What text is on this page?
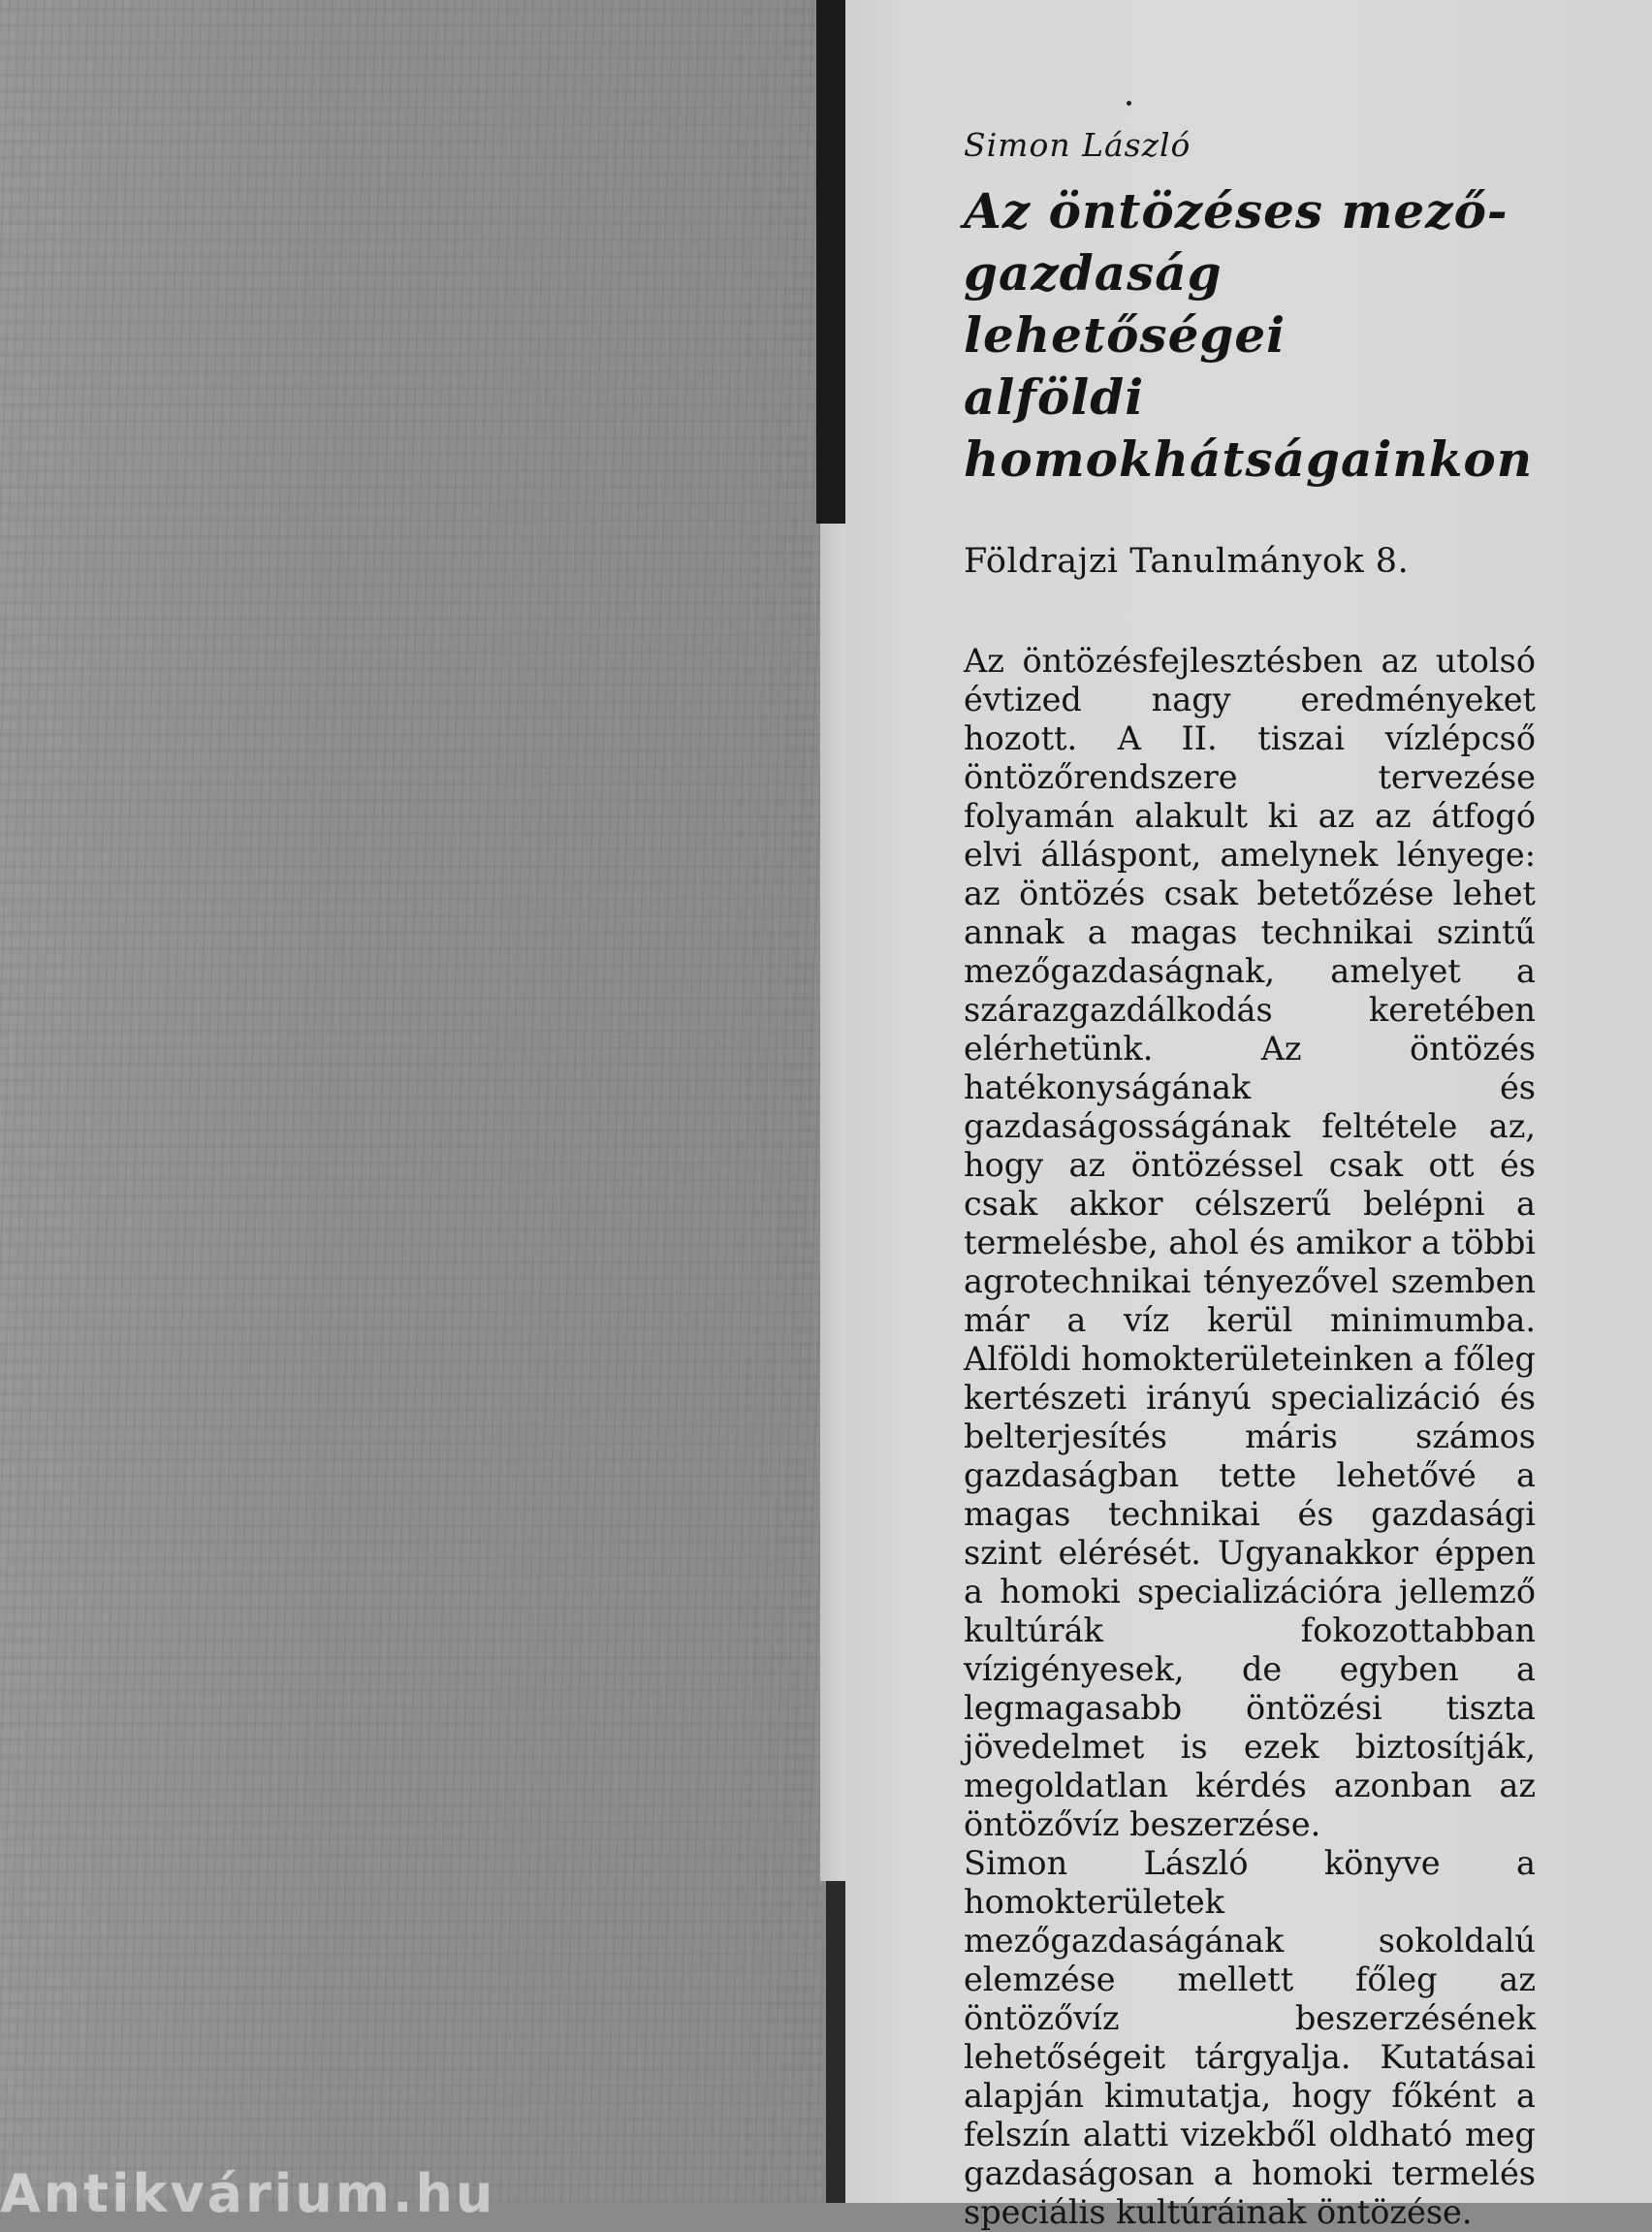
Simon László

Az öntözéses mező-
gazdaság lehetőségei
alföldi
homokhátságainkon

Földrajzi Tanulmányok 8.

Az öntözésfejlesztésben az utolsó évtized nagy eredményeket hozott. A II. tiszai vízlépcső öntözőrendszere tervezése folyamán alakult ki az az átfogó elvi álláspont, amelynek lényege: az öntözés csak betetőzése lehet annak a magas technikai szintű mezőgazdaságnak, amelyet a szárazgazdálkodás keretében elérhetünk. Az öntözés hatékonyságának és gazdaságosságának feltétele az, hogy az öntözéssel csak ott és csak akkor célszerű belépni a termelésbe, ahol és amikor a többi agrotechnikai tényezővel szemben már a víz kerül minimumba. Alföldi homokterületeinken a főleg kertészeti irányú specializáció és belterjesítés máris számos gazdaságban tette lehetővé a magas technikai és gazdasági szint elérését. Ugyanakkor éppen a homoki specializációra jellemző kultúrák fokozottabban vízigényesek, de egyben a legmagasabb öntözési tiszta jövedelmet is ezek biztosítják, megoldatlan kérdés azonban az öntözővíz beszerzése.

Simon László könyve a homokterületek mezőgazdaságának sokoldalú elemzése mellett főleg az öntözővíz beszerzésének lehetőségeit tárgyalja. Kutatásai alapján kimutatja, hogy főként a felszín alatti vizekből oldható meg gazdaságosan a homoki termelés speciális kultúráinak öntözése.

Antikvárium.hu
